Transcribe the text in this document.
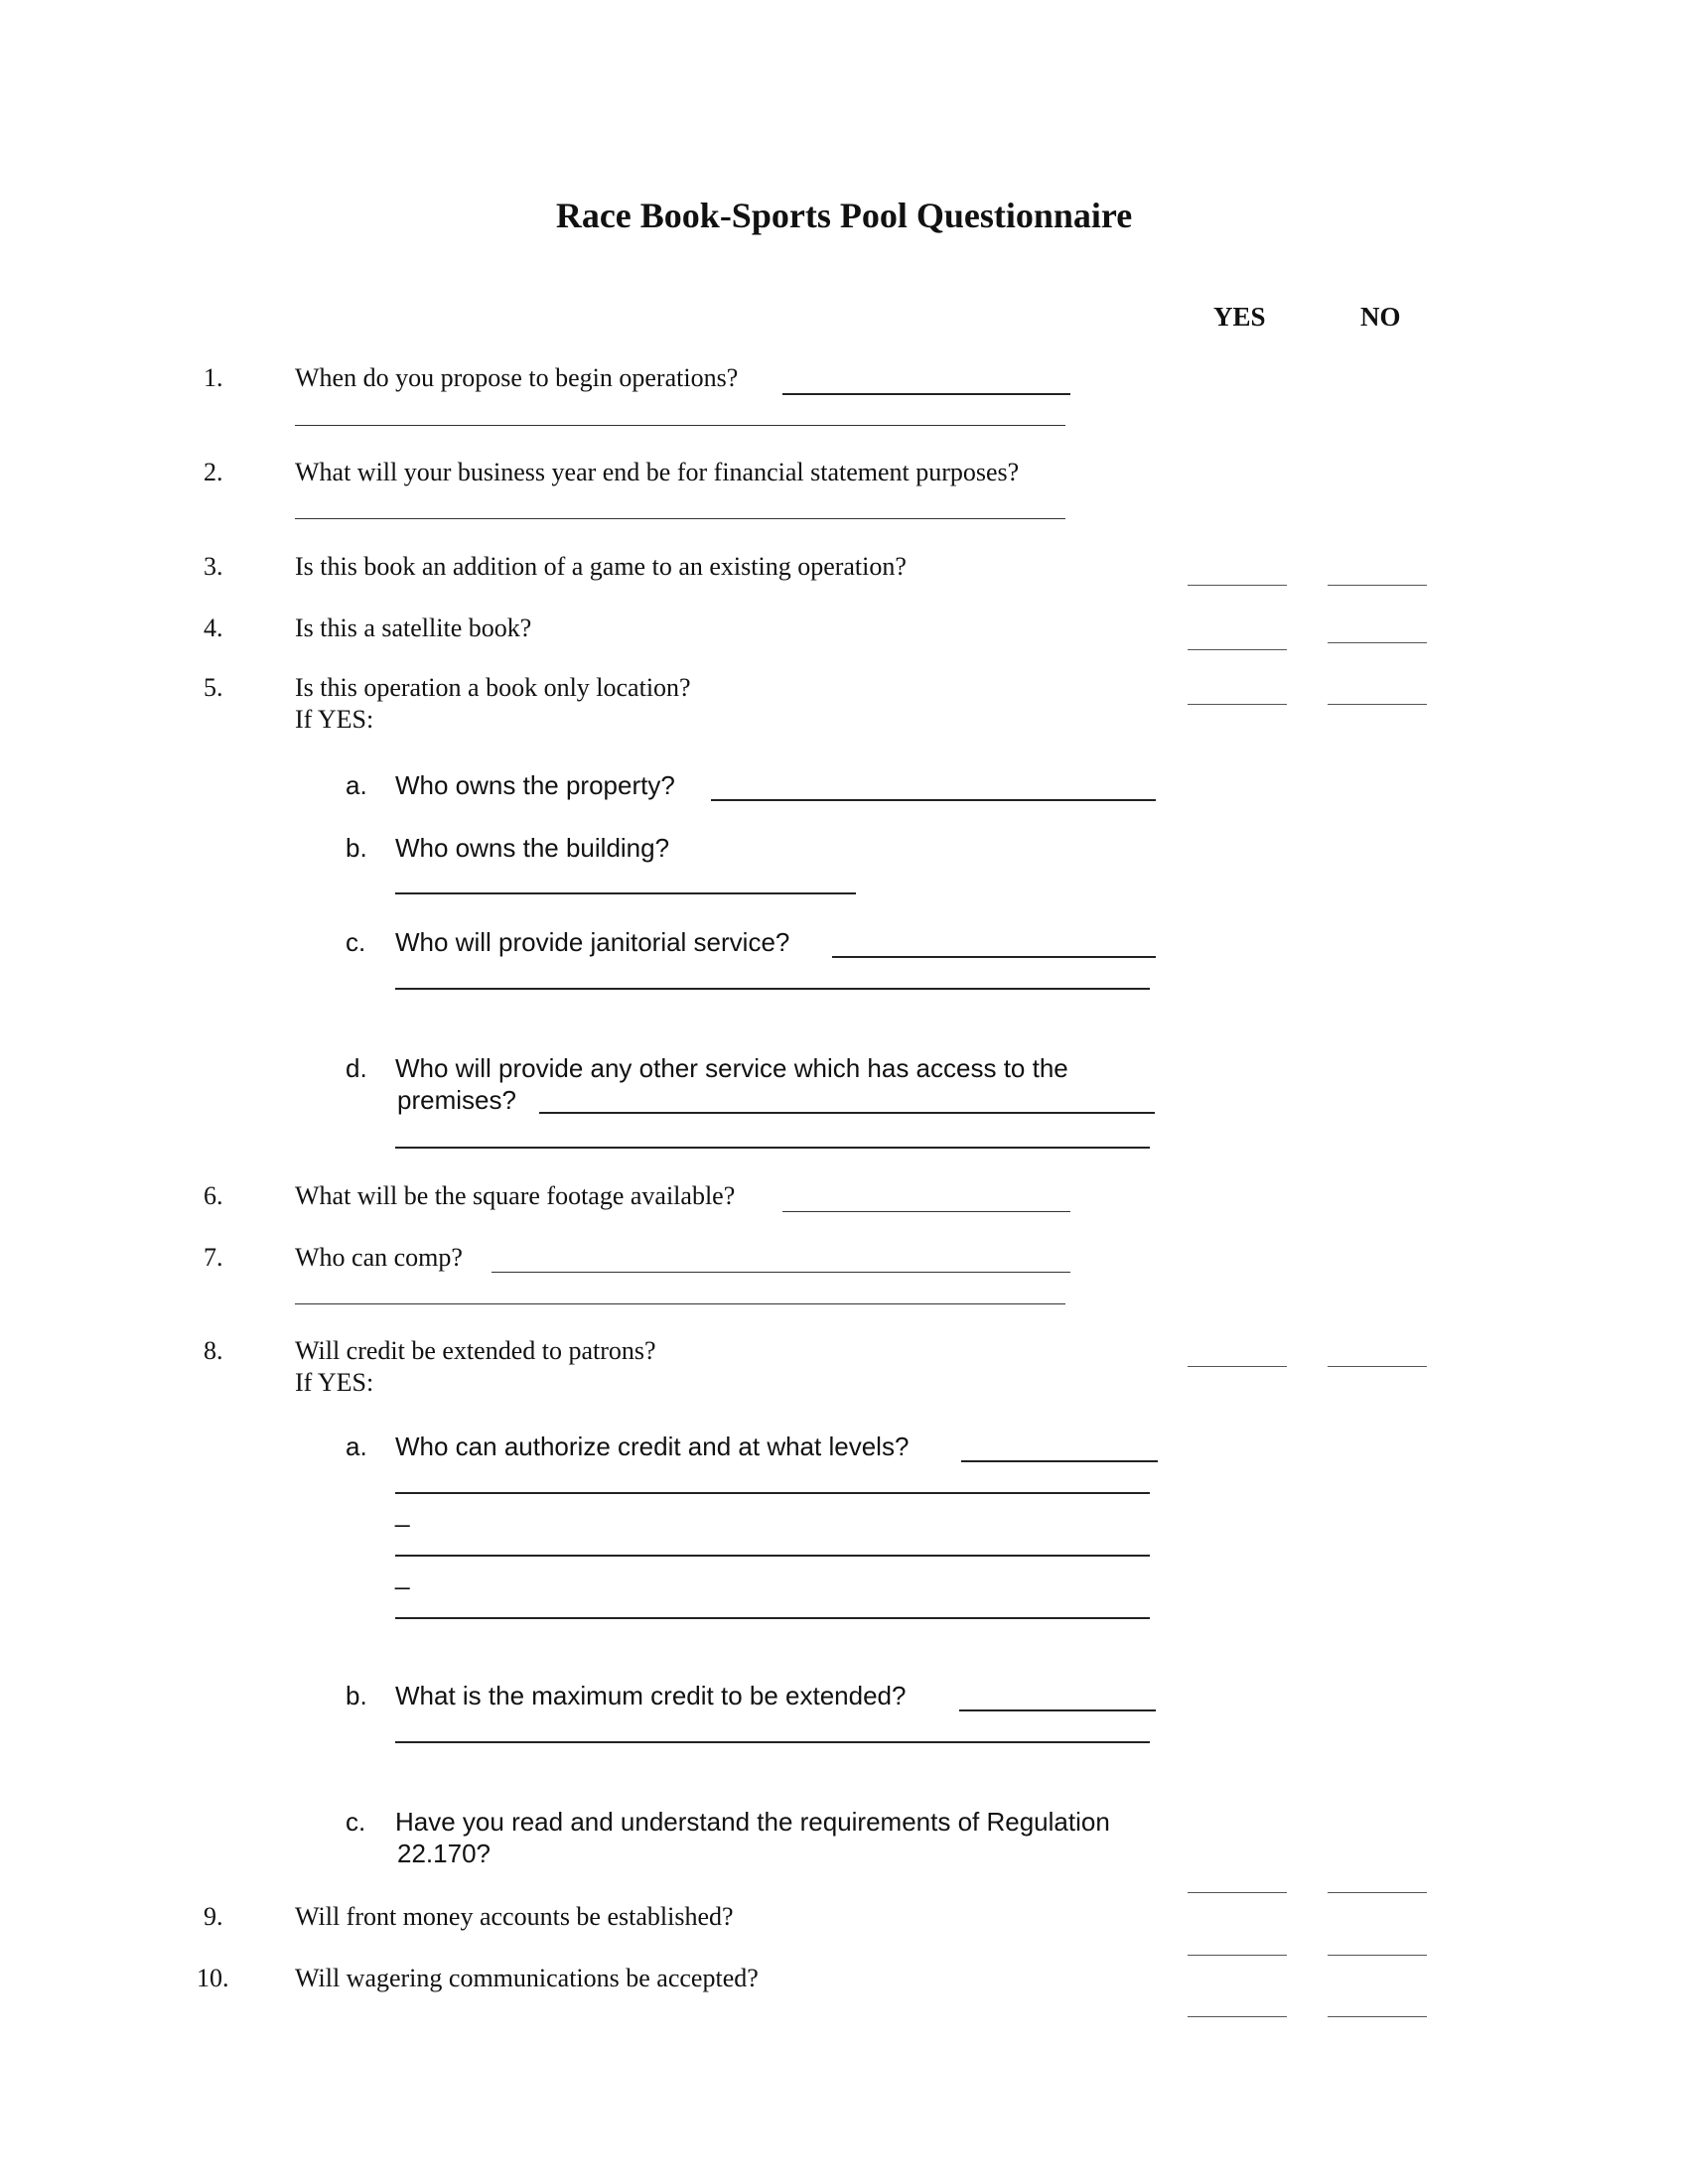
Race Book-Sports Pool Questionnaire
YES	NO
1.	When do you propose to begin operations?
2.	What will your business year end be for financial statement purposes?
3.	Is this book an addition of a game to an existing operation?
4.	Is this a satellite book?
5.	Is this operation a book only location?
If YES:
a. Who owns the property?
b. Who owns the building?
c. Who will provide janitorial service?
d. Who will provide any other service which has access to the
premises?
6.	What will be the square footage available?
7.	Who can comp?
8.	Will credit be extended to patrons?
If YES:
a. Who can authorize credit and at what levels?
_
_
b. What is the maximum credit to be extended?
c. Have you read and understand the requirements of Regulation
22.170?
9.	Will front money accounts be established?
10.	Will wagering communications be accepted?
